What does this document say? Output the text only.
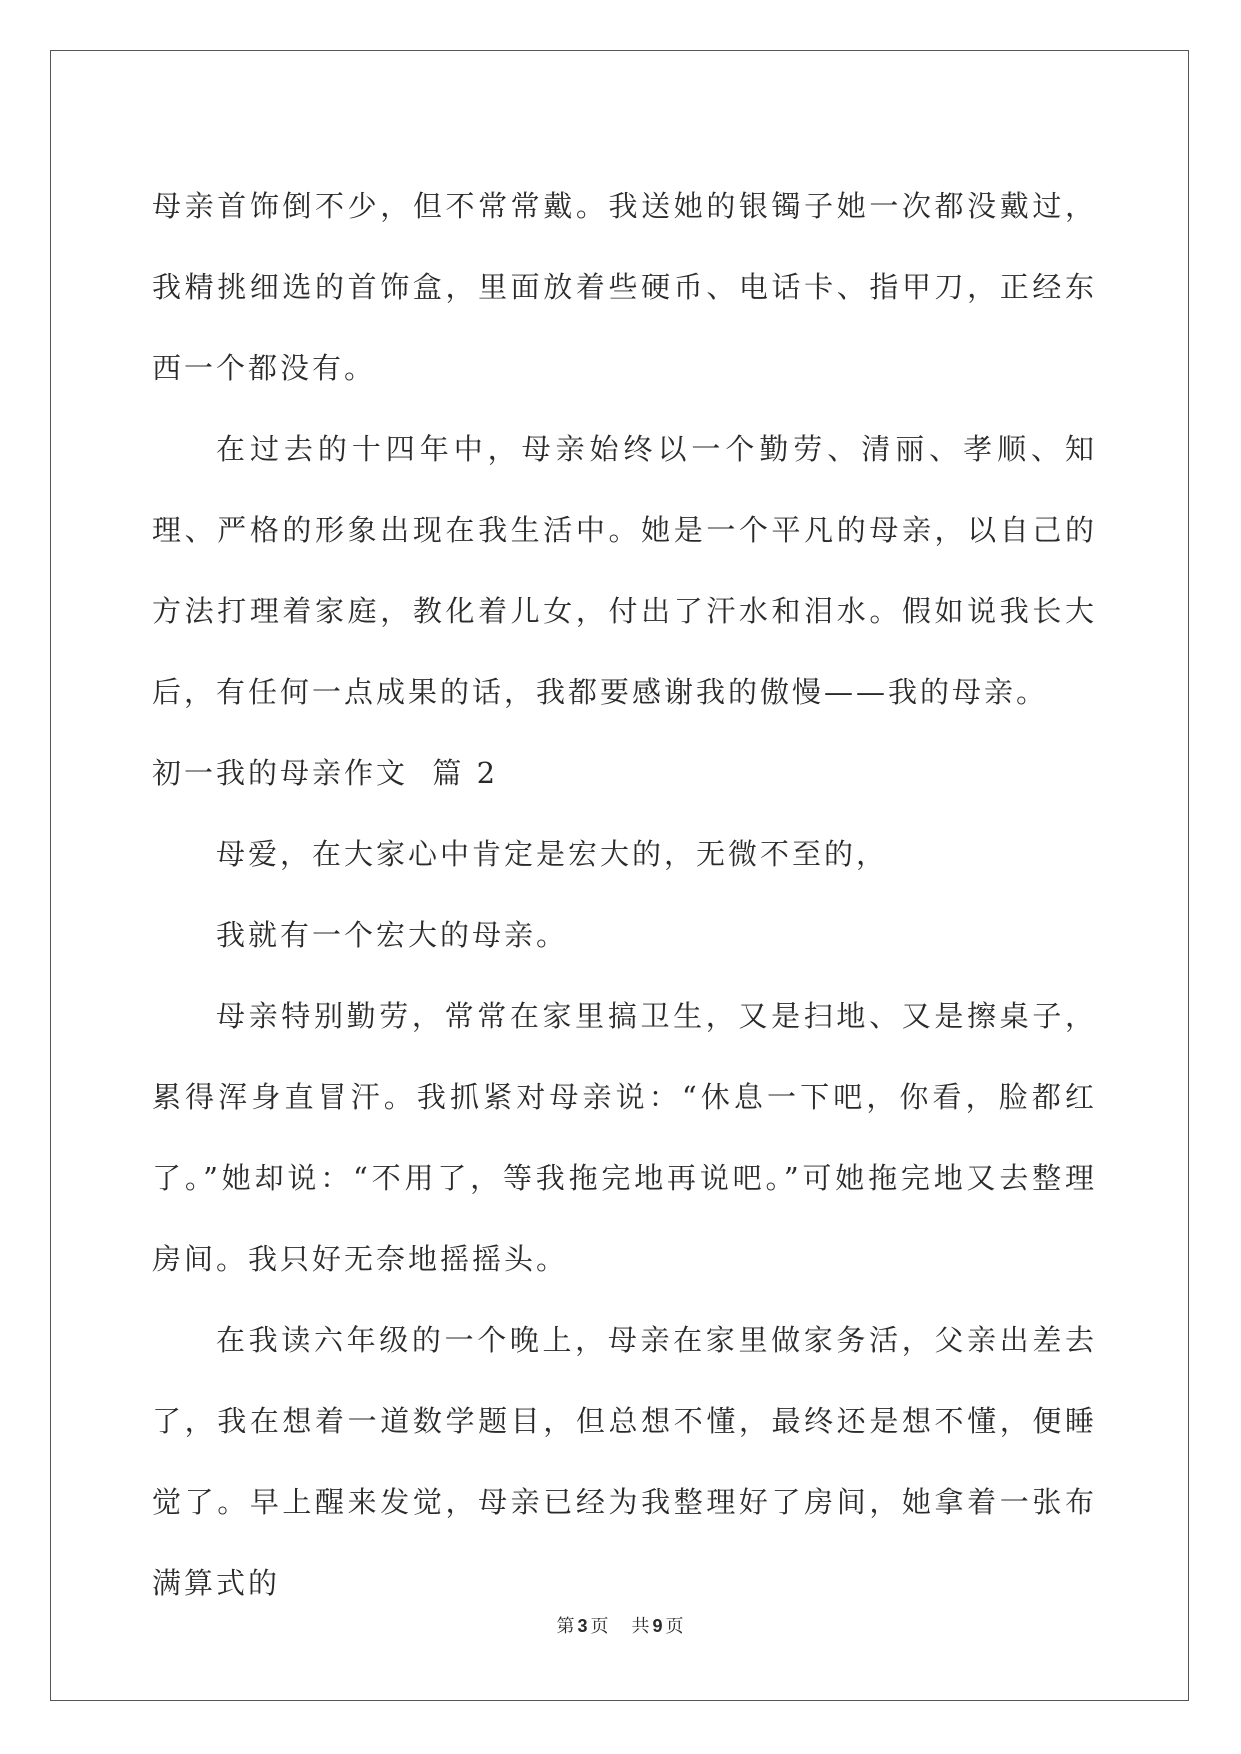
母亲首饰倒不少，但不常常戴。我送她的银镯子她一次都没戴过，我精挑细选的首饰盒，里面放着些硬币、电话卡、指甲刀，正经东西一个都没有。

在过去的十四年中，母亲始终以一个勤劳、清丽、孝顺、知理、严格的形象出现在我生活中。她是一个平凡的母亲，以自己的方法打理着家庭，教化着儿女，付出了汗水和泪水。假如说我长大后，有任何一点成果的话，我都要感谢我的傲慢——我的母亲。

初一我的母亲作文  篇 2

母爱，在大家心中肯定是宏大的，无微不至的，

我就有一个宏大的母亲。

母亲特别勤劳，常常在家里搞卫生，又是扫地、又是擦桌子，累得浑身直冒汗。我抓紧对母亲说：“休息一下吧，你看，脸都红了。”她却说：“不用了，等我拖完地再说吧。”可她拖完地又去整理房间。我只好无奈地摇摇头。

在我读六年级的一个晚上，母亲在家里做家务活，父亲出差去了，我在想着一道数学题目，但总想不懂，最终还是想不懂，便睡觉了。早上醒来发觉，母亲已经为我整理好了房间，她拿着一张布满算式的

第 3 页 共 9 页
